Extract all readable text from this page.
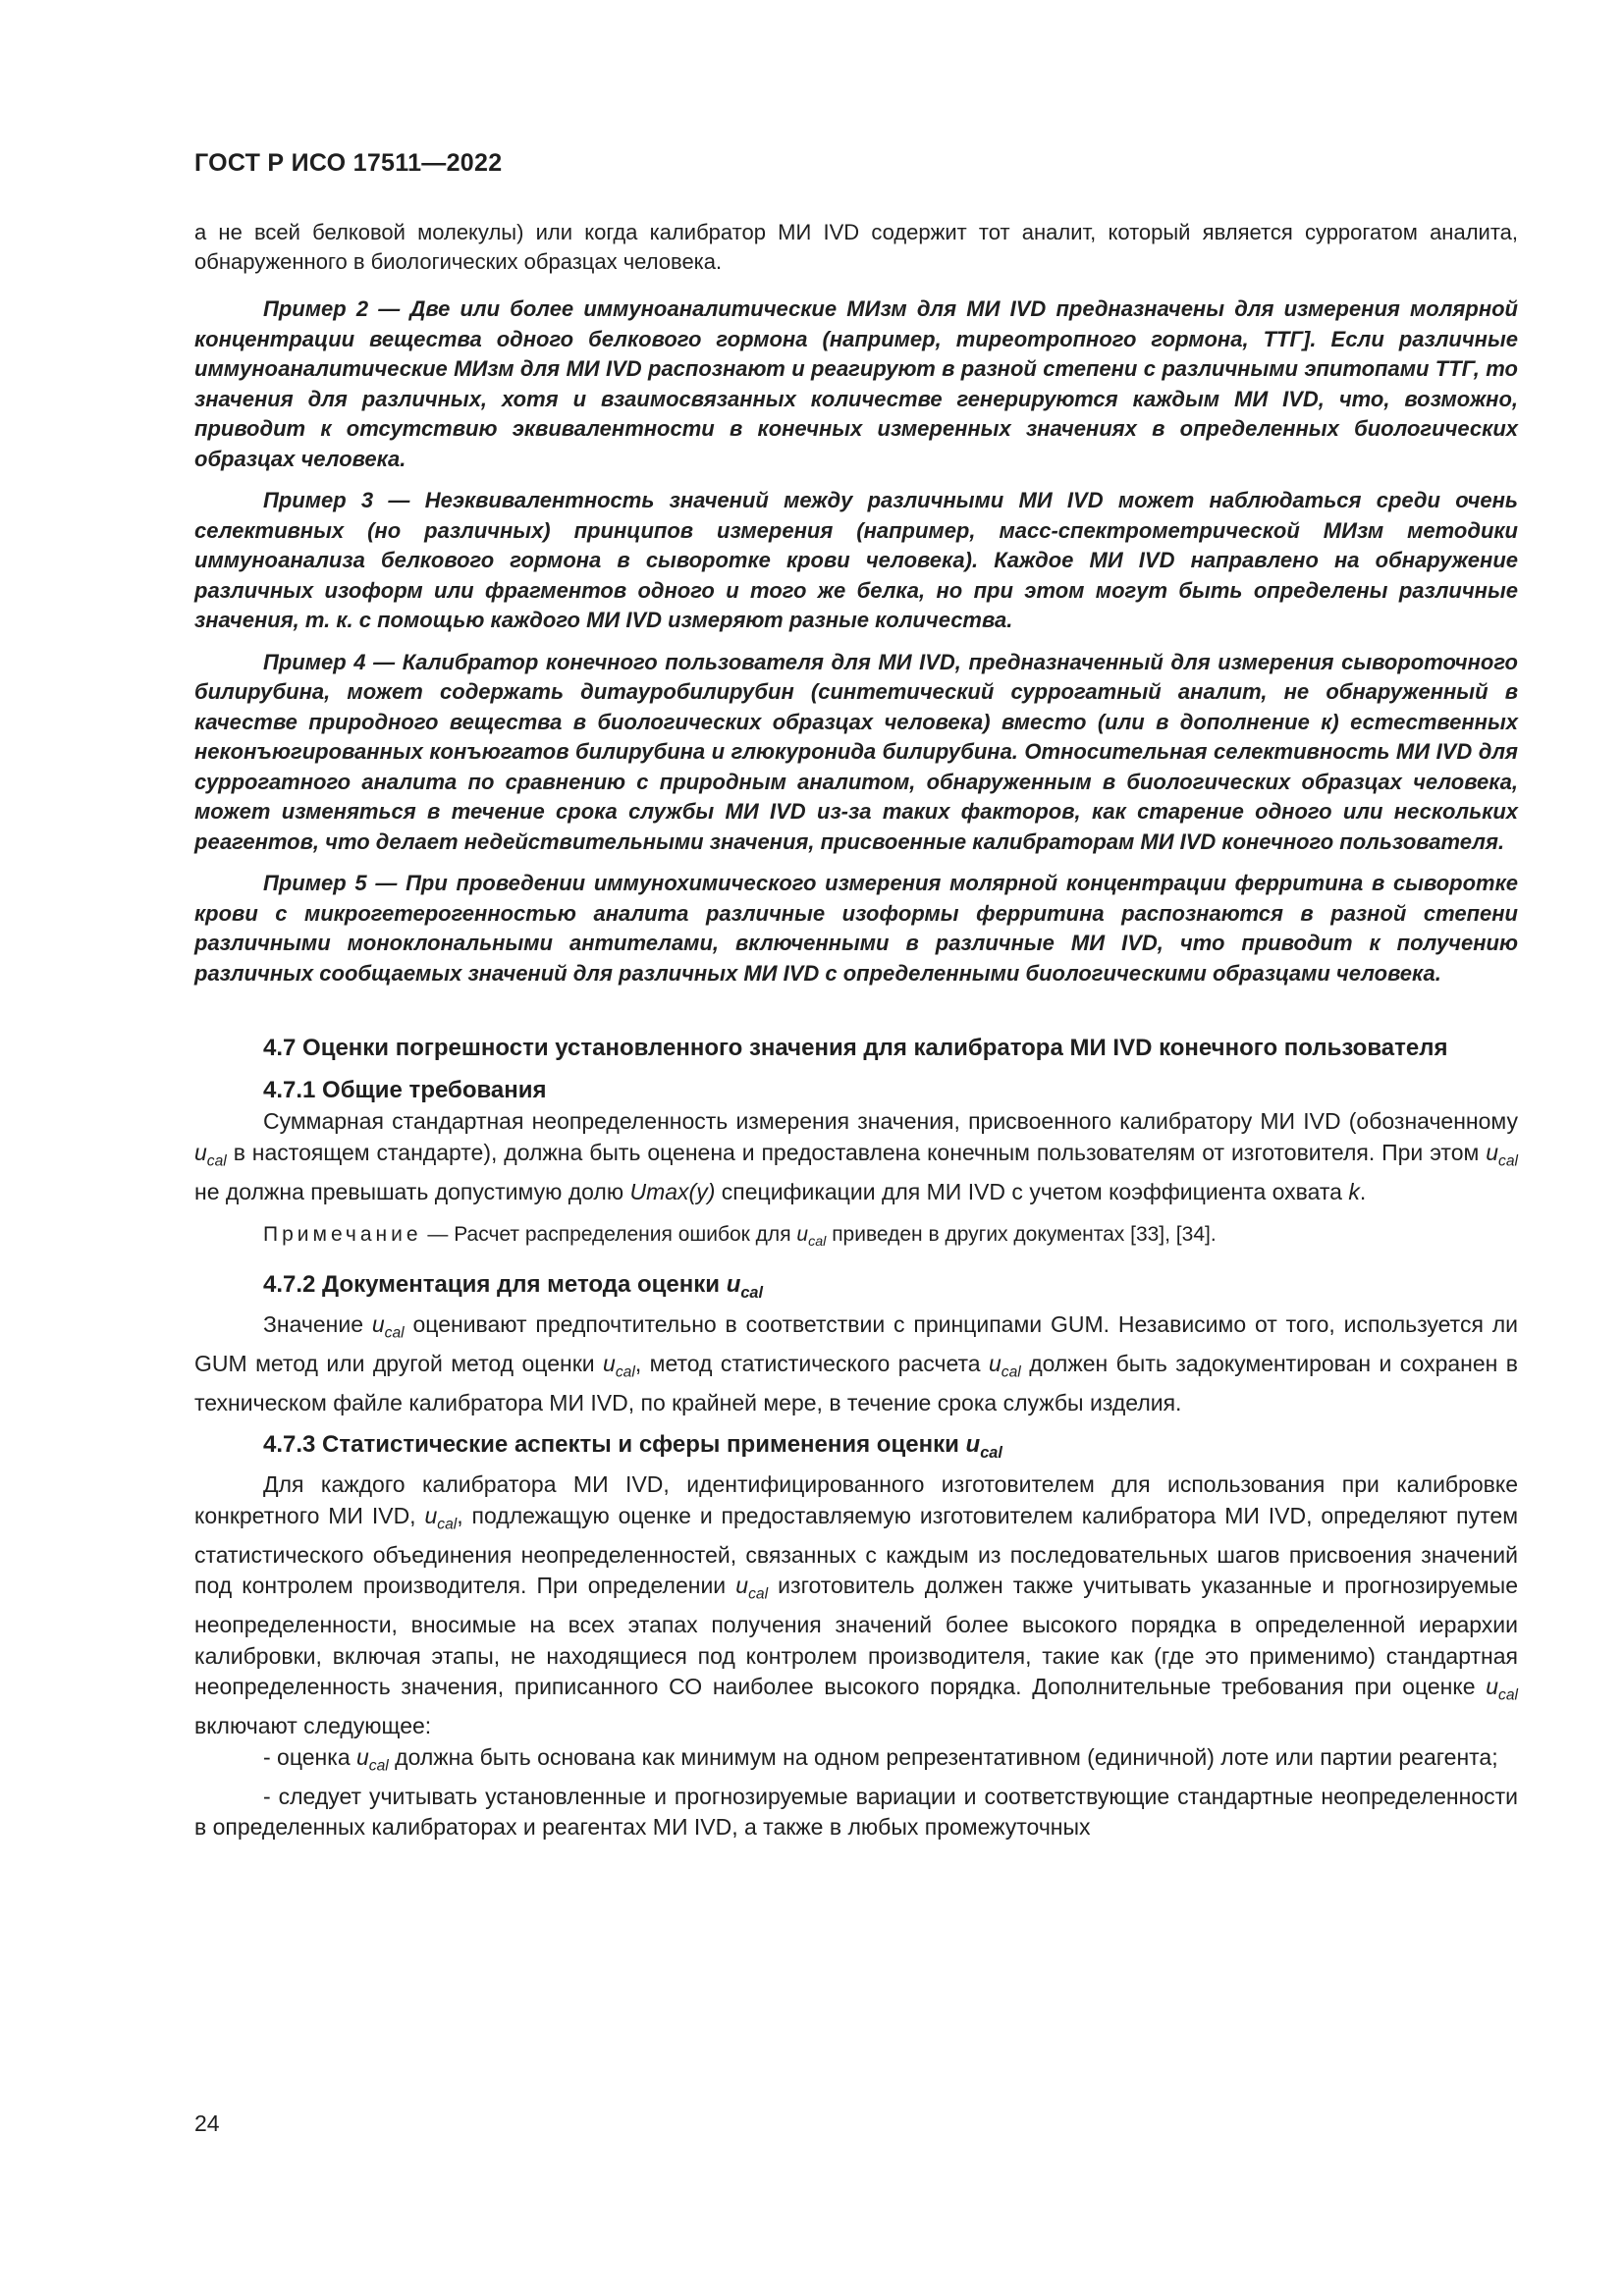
ГОСТ Р ИСО 17511—2022

а не всей белковой молекулы) или когда калибратор МИ IVD содержит тот аналит, который является суррогатом аналита, обнаруженного в биологических образцах человека.

Пример 2 — Две или более иммуноаналитические МИзм для МИ IVD предназначены для измерения молярной концентрации вещества одного белкового гормона (например, тиреотропного гормона, ТТГ]. Если различные иммуноаналитические МИзм для МИ IVD распознают и реагируют в разной степени с различными эпитопами ТТГ, то значения для различных, хотя и взаимосвязанных количестве генерируются каждым МИ IVD, что, возможно, приводит к отсутствию эквивалентности в конечных измеренных значениях в определенных биологических образцах человека.

Пример 3 — Неэквивалентность значений между различными МИ IVD может наблюдаться среди очень селективных (но различных) принципов измерения (например, масс-спектрометрической МИзм методики иммуноанализа белкового гормона в сыворотке крови человека). Каждое МИ IVD направлено на обнаружение различных изоформ или фрагментов одного и того же белка, но при этом могут быть определены различные значения, т. к. с помощью каждого МИ IVD измеряют разные количества.

Пример 4 — Калибратор конечного пользователя для МИ IVD, предназначенный для измерения сывороточного билирубина, может содержать дитауробилирубин (синтетический суррогатный аналит, не обнаруженный в качестве природного вещества в биологических образцах человека) вместо (или в дополнение к) естественных неконъюгированных конъюгатов билирубина и глюкуронида билирубина. Относительная селективность МИ IVD для суррогатного аналита по сравнению с природным аналитом, обнаруженным в биологических образцах человека, может изменяться в течение срока службы МИ IVD из-за таких факторов, как старение одного или нескольких реагентов, что делает недействительными значения, присвоенные калибраторам МИ IVD конечного пользователя.

Пример 5 — При проведении иммунохимического измерения молярной концентрации ферритина в сыворотке крови с микрогетерогенностью аналита различные изоформы ферритина распознаются в разной степени различными моноклональными антителами, включенными в различные МИ IVD, что приводит к получению различных сообщаемых значений для различных МИ IVD с определенными биологическими образцами человека.

4.7 Оценки погрешности установленного значения для калибратора МИ IVD конечного пользователя

4.7.1 Общие требования

Суммарная стандартная неопределенность измерения значения, присвоенного калибратору МИ IVD (обозначенному $u_{cal}$ в настоящем стандарте), должна быть оценена и предоставлена конечным пользователям от изготовителя. При этом $u_{cal}$ не должна превышать допустимую долю Umax(y) спецификации для МИ IVD с учетом коэффициента охвата k.

Примечание — Расчет распределения ошибок для $u_{cal}$ приведен в других документах [33], [34].

4.7.2 Документация для метода оценки $u_{cal}$

Значение $u_{cal}$ оценивают предпочтительно в соответствии с принципами GUM. Независимо от того, используется ли GUM метод или другой метод оценки $u_{cal}$, метод статистического расчета $u_{cal}$ должен быть задокументирован и сохранен в техническом файле калибратора МИ IVD, по крайней мере, в течение срока службы изделия.

4.7.3 Статистические аспекты и сферы применения оценки $u_{cal}$

Для каждого калибратора МИ IVD, идентифицированного изготовителем для использования при калибровке конкретного МИ IVD, $u_{cal}$, подлежащую оценке и предоставляемую изготовителем калибратора МИ IVD, определяют путем статистического объединения неопределенностей, связанных с каждым из последовательных шагов присвоения значений под контролем производителя. При определении $u_{cal}$ изготовитель должен также учитывать указанные и прогнозируемые неопределенности, вносимые на всех этапах получения значений более высокого порядка в определенной иерархии калибровки, включая этапы, не находящиеся под контролем производителя, такие как (где это применимо) стандартная неопределенность значения, приписанного СО наиболее высокого порядка. Дополнительные требования при оценке $u_{cal}$ включают следующее:

- оценка $u_{cal}$ должна быть основана как минимум на одном репрезентативном (единичной) лоте или партии реагента;

- следует учитывать установленные и прогнозируемые вариации и соответствующие стандартные неопределенности в определенных калибраторах и реагентах МИ IVD, а также в любых промежуточных

24
